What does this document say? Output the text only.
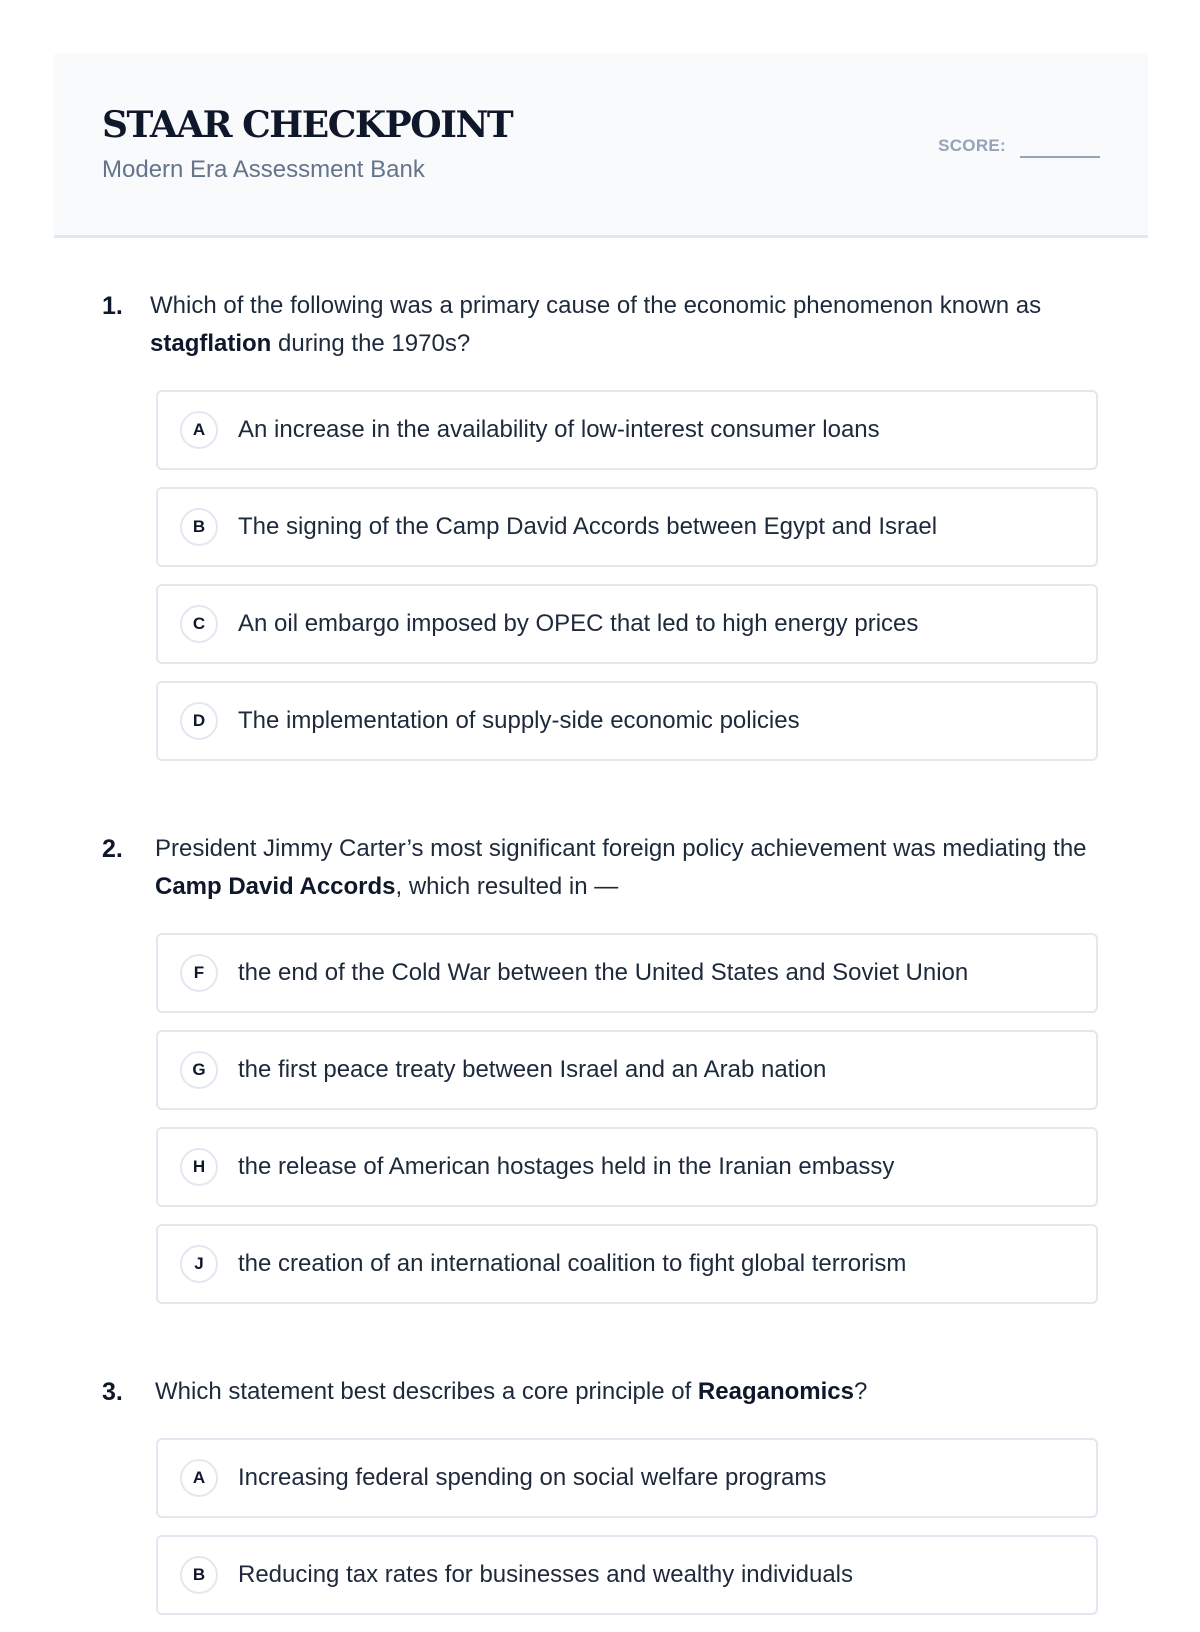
STAAR CHECKPOINT
Modern Era Assessment Bank
SCORE:
1.	Which of the following was a primary cause of the economic phenomenon known as stagflation during the 1970s?
A	An increase in the availability of low-interest consumer loans
B	The signing of the Camp David Accords between Egypt and Israel
C	An oil embargo imposed by OPEC that led to high energy prices
D	The implementation of supply-side economic policies
2.	President Jimmy Carter’s most significant foreign policy achievement was mediating the Camp David Accords, which resulted in —
F	the end of the Cold War between the United States and Soviet Union
G	the first peace treaty between Israel and an Arab nation
H	the release of American hostages held in the Iranian embassy
J	the creation of an international coalition to fight global terrorism
3.	Which statement best describes a core principle of Reaganomics?
A	Increasing federal spending on social welfare programs
B	Reducing tax rates for businesses and wealthy individuals
